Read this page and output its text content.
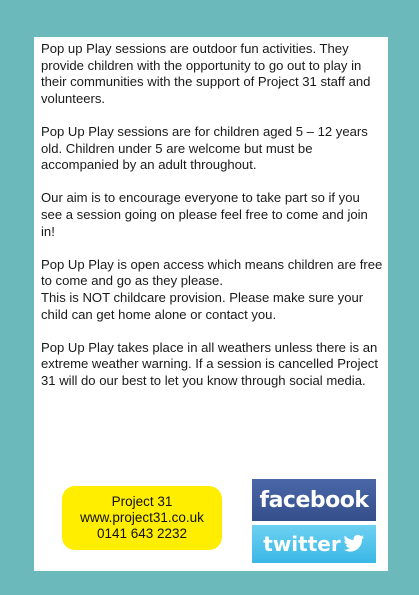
Pop up Play sessions are outdoor fun activities. They provide children with the opportunity to go out to play in their communities with the support of Project 31 staff and volunteers.

Pop Up Play sessions are for children aged 5 – 12 years old. Children under 5 are welcome but must be accompanied by an adult throughout.

Our aim is to encourage everyone to take part so if you see a session going on please feel free to come and join in!

Pop Up Play is open access which means children are free to come and go as they please.

This is NOT childcare provision. Please make sure your child can get home alone or contact you.

Pop Up Play takes place in all weathers unless there is an extreme weather warning. If a session is cancelled Project 31 will do our best to let you know through social media.

Project 31
www.project31.co.uk
0141 643 2232
facebook
twitter
